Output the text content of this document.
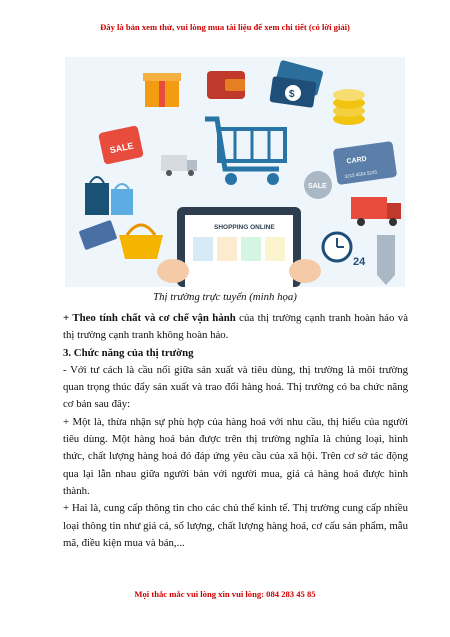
Đây là bản xem thử, vui lòng mua tài liệu để xem chi tiết (có lời giải)
SALE
$
CARD
3215 4554 5225
SALE
SHOPPING ONLINE
24
Thị trường trực tuyến (minh họa)

+ Theo tính chất và cơ chế vận hành của thị trường cạnh tranh hoàn hảo và thị trường cạnh tranh không hoàn hảo.

3. Chức năng của thị trường

- Với tư cách là cầu nối giữa sản xuất và tiêu dùng, thị trường là môi trường quan trọng thúc đẩy sản xuất và trao đổi hàng hoá. Thị trường có ba chức năng cơ bản sau đây:

+ Một là, thừa nhận sự phù hợp của hàng hoá với nhu cầu, thị hiếu của người tiêu dùng. Một hàng hoá bản được trên thị trường nghĩa là chủng loại, hình thức, chất lượng hàng hoá đó đáp ứng yêu cầu của xã hội. Trên cơ sở tác động qua lại lẫn nhau giữa người bản với người mua, giá cả hàng hoá được hình thành.

+ Hai là, cung cấp thông tin cho các chủ thể kinh tế. Thị trường cung cấp nhiều loại thông tin như giá cả, số lượng, chất lượng hàng hoá, cơ cấu sản phẩm, mẫu mã, điều kiện mua và bán,...

Mọi thắc mắc vui lòng xin vui lòng: 084 283 45 85
